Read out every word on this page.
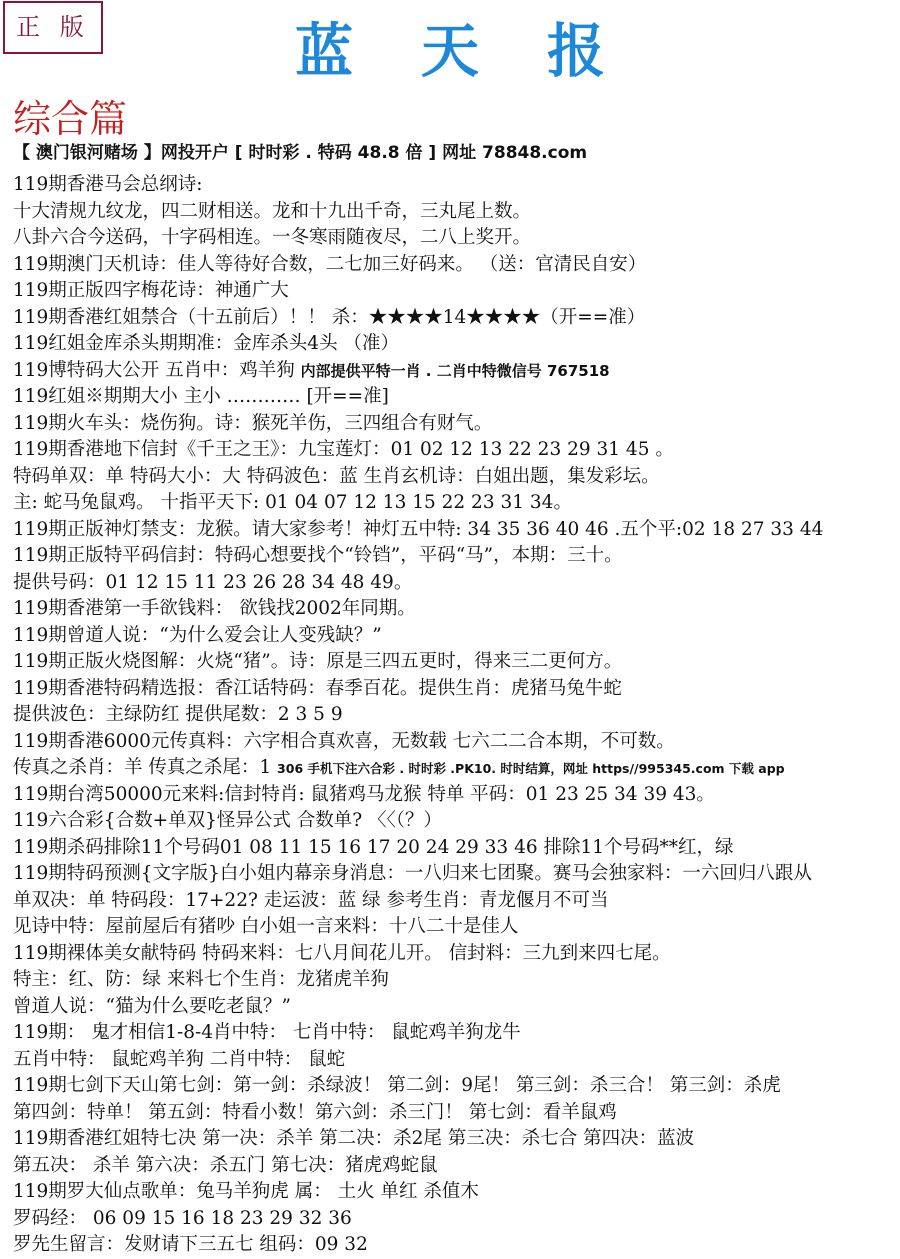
正 版	蓝天报
综合篇
【 澳门银河赌场 】网投开户 [ 时时彩 . 特码 48.8 倍 ] 网址 78848.com
119期香港马会总纲诗:
十大清规九纹龙，四二财相送。龙和十九出千奇，三丸尾上数。
八卦六合今送码，十字码相连。一冬寒雨随夜尽，二八上奖开。
119期澳门天机诗：佳人等待好合数，二七加三好码来。 （送：官清民自安）
119期正版四字梅花诗：神通广大
119期香港红姐禁合（十五前后）！！ 杀：★★★★14★★★★（开==准）
119红姐金库杀头期期准：金库杀头4头 （准）
119博特码大公开 五肖中：鸡羊狗 内部提供平特一肖 . 二肖中特微信号 767518
119红姐※期期大小 主小 ………… [开==准]
119期火车头：烧伤狗。诗：猴死羊伤，三四组合有财气。
119期香港地下信封《千王之王》：九宝莲灯：01 02 12 13 22 23 29 31 45 。
特码单双：单 特码大小：大 特码波色：蓝 生肖玄机诗：白姐出题，集发彩坛。
主: 蛇马兔鼠鸡。 十指平天下: 01 04 07 12 13 15 22 23 31 34。
119期正版神灯禁支：龙猴。请大家参考！神灯五中特: 34 35 36 40 46 .五个平:02 18 27 33 44
119期正版特平码信封：特码心想要找个“铃铛”，平码“马”，本期：三十。
提供号码：01 12 15 11 23 26 28 34 48 49。
119期香港第一手欲钱料： 欲钱找2002年同期。
119期曾道人说：“为什么爱会让人变残缺？”
119期正版火烧图解：火烧“猪”。诗：原是三四五更时，得来三二更何方。
119期香港特码精选报：香江话特码：春季百花。提供生肖：虎猪马兔牛蛇
提供波色：主绿防红 提供尾数：2 3 5 9
119期香港6000元传真料：六字相合真欢喜，无数载 七六二二合本期，不可数。
传真之杀肖：羊 传真之杀尾：1 306 手机下注六合彩 . 时时彩 .PK10. 时时结算，网址 https//995345.com 下载 app
119期台湾50000元来料:信封特肖: 鼠猪鸡马龙猴 特单 平码：01 23 25 34 39 43。
119六合彩{合数+单双}怪异公式 合数单? 〈〈（？）
119期杀码排除11个号码01 08 11 15 16 17 20 24 29 33 46 排除11个号码**红，绿
119期特码预测{文字版}白小姐内幕亲身消息：一八归来七团聚。赛马会独家料：一六回归八跟从
单双决：单 特码段：17+22? 走运波：蓝 绿 参考生肖：青龙偃月不可当
见诗中特：屋前屋后有猪吵 白小姐一言来料：十八二十是佳人
119期裸体美女献特码 特码来料：七八月间花儿开。 信封料：三九到来四七尾。
特主：红、防：绿 来料七个生肖：龙猪虎羊狗
曾道人说：“猫为什么要吃老鼠？”
119期： 鬼才相信1-8-4肖中特： 七肖中特： 鼠蛇鸡羊狗龙牛
五肖中特： 鼠蛇鸡羊狗 二肖中特： 鼠蛇
119期七剑下天山第七剑：第一剑：杀绿波！ 第二剑：9尾！ 第三剑：杀三合！ 第三剑：杀虎
第四剑：特单！ 第五剑：特看小数！第六剑：杀三门！ 第七剑：看羊鼠鸡
119期香港红姐特七决 第一决：杀羊 第二决：杀2尾 第三决：杀七合 第四决：蓝波
第五决： 杀羊 第六决：杀五门 第七决：猪虎鸡蛇鼠
119期罗大仙点歌单：兔马羊狗虎 属： 土火 单红 杀值木
罗码经： 06 09 15 16 18 23 29 32 36
罗先生留言：发财请下三五七 组码：09 32
